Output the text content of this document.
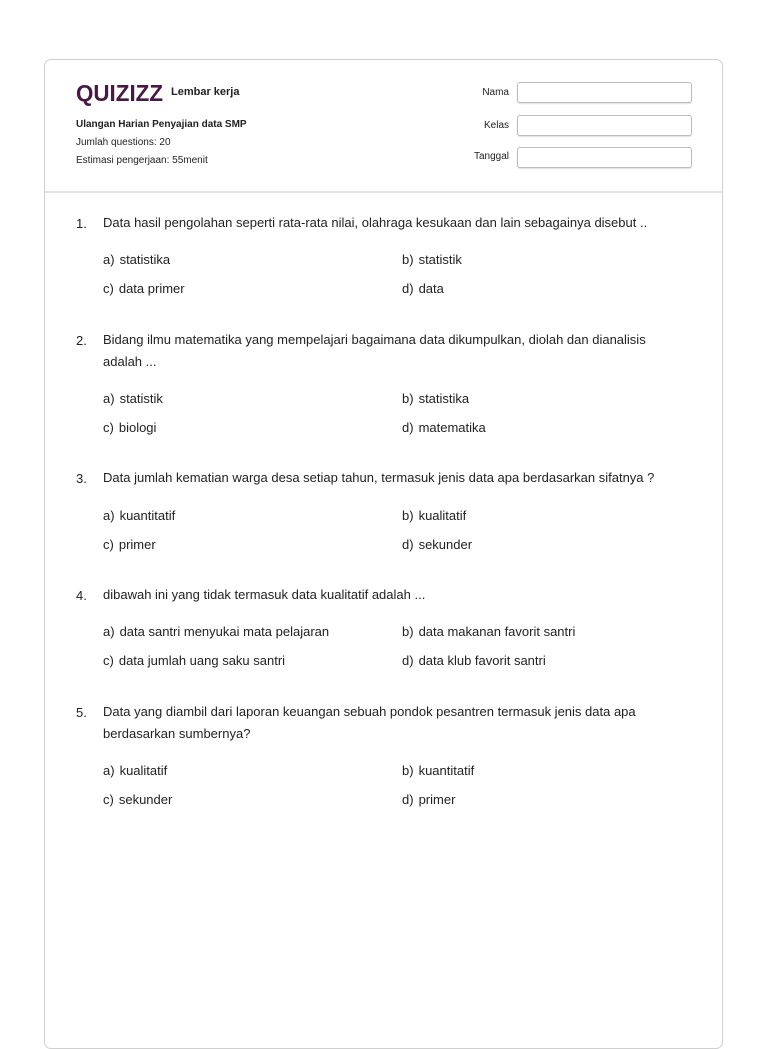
QUIZIZZ Lembar kerja
Ulangan Harian Penyajian data SMP
Jumlah questions: 20
Estimasi pengerjaan: 55menit
Nama
Kelas
Tanggal
1. Data hasil pengolahan seperti rata-rata nilai, olahraga kesukaan dan lain sebagainya disebut ..
a) statistika	b) statistik
c) data primer	d) data
2. Bidang ilmu matematika yang mempelajari bagaimana data dikumpulkan, diolah dan dianalisis adalah ...
a) statistik	b) statistika
c) biologi	d) matematika
3. Data jumlah kematian warga desa setiap tahun, termasuk jenis data apa berdasarkan sifatnya ?
a) kuantitatif	b) kualitatif
c) primer	d) sekunder
4. dibawah ini yang tidak termasuk data kualitatif adalah ...
a) data santri menyukai mata pelajaran	b) data makanan favorit santri
c) data jumlah uang saku santri	d) data klub favorit santri
5. Data yang diambil dari laporan keuangan sebuah pondok pesantren termasuk jenis data apa berdasarkan sumbernya?
a) kualitatif	b) kuantitatif
c) sekunder	d) primer
